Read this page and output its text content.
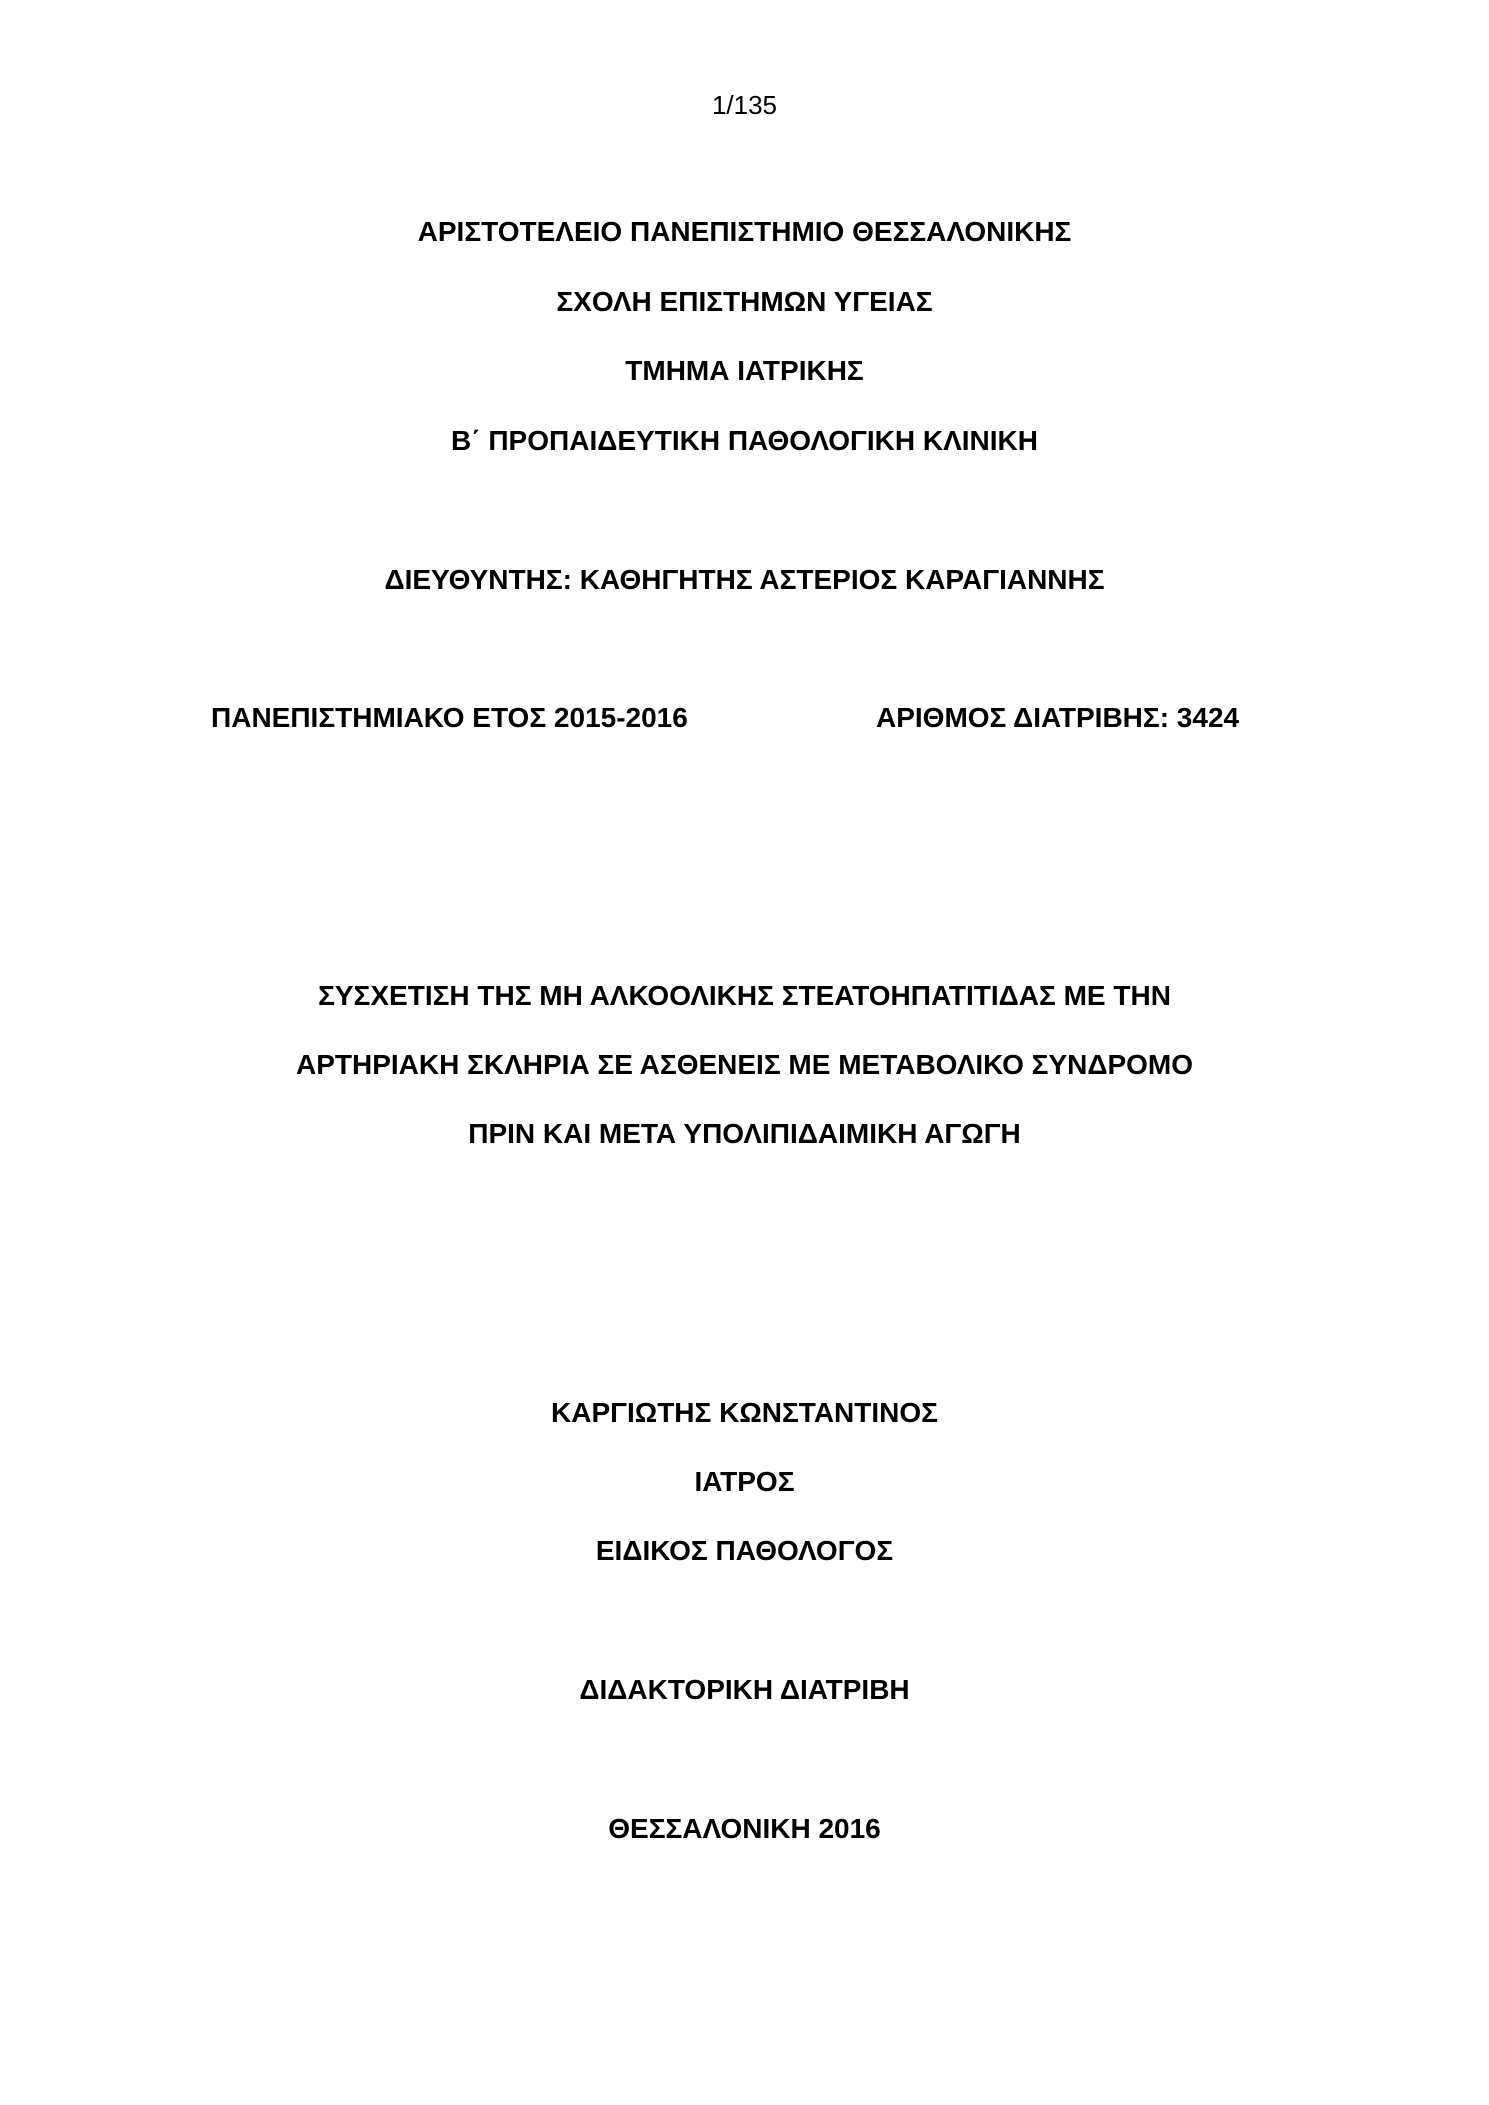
1/135
ΑΡΙΣΤΟΤΕΛΕΙΟ ΠΑΝΕΠΙΣΤΗΜΙΟ ΘΕΣΣΑΛΟΝΙΚΗΣ
ΣΧΟΛΗ ΕΠΙΣΤΗΜΩΝ ΥΓΕΙΑΣ
ΤΜΗΜΑ ΙΑΤΡΙΚΗΣ
Β΄ ΠΡΟΠΑΙΔΕΥΤΙΚΗ ΠΑΘΟΛΟΓΙΚΗ ΚΛΙΝΙΚΗ
ΔΙΕΥΘΥΝΤΗΣ: ΚΑΘΗΓΗΤΗΣ ΑΣΤΕΡΙΟΣ ΚΑΡΑΓΙΑΝΝΗΣ
ΠΑΝΕΠΙΣΤΗΜΙΑΚΟ ΕΤΟΣ 2015-2016	ΑΡΙΘΜΟΣ ΔΙΑΤΡΙΒΗΣ: 3424
ΣΥΣΧΕΤΙΣΗ ΤΗΣ ΜΗ ΑΛΚΟΟΛΙΚΗΣ ΣΤΕΑΤΟΗΠΑΤΙΤΙΔΑΣ ΜΕ ΤΗΝ
ΑΡΤΗΡΙΑΚΗ ΣΚΛΗΡΙΑ ΣΕ ΑΣΘΕΝΕΙΣ ΜΕ ΜΕΤΑΒΟΛΙΚΟ ΣΥΝΔΡΟΜΟ
ΠΡΙΝ ΚΑΙ ΜΕΤΑ ΥΠΟΛΙΠΙΔΑΙΜΙΚΗ ΑΓΩΓΗ
ΚΑΡΓΙΩΤΗΣ ΚΩΝΣΤΑΝΤΙΝΟΣ
ΙΑΤΡΟΣ
ΕΙΔΙΚΟΣ ΠΑΘΟΛΟΓΟΣ
ΔΙΔΑΚΤΟΡΙΚΗ ΔΙΑΤΡΙΒΗ
ΘΕΣΣΑΛΟΝΙΚΗ 2016
